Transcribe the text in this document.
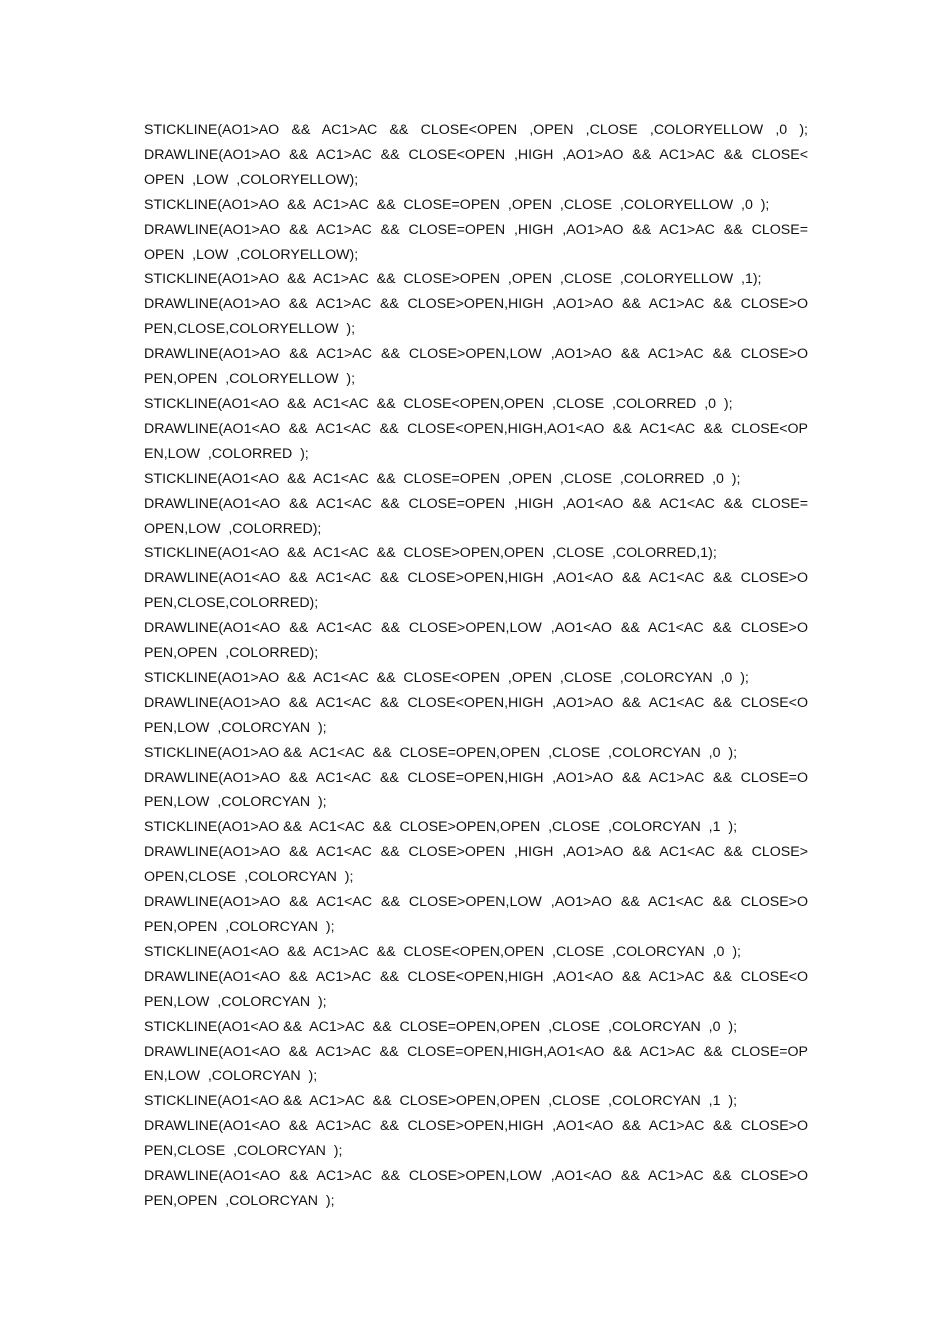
STICKLINE(AO1>AO  &&  AC1>AC  &&  CLOSE<OPEN  ,OPEN  ,CLOSE  ,COLORYELLOW  ,0  );
DRAWLINE(AO1>AO  &&  AC1>AC  &&  CLOSE<OPEN  ,HIGH  ,AO1>AO  &&  AC1>AC  &&  CLOSE<
OPEN  ,LOW  ,COLORYELLOW);
STICKLINE(AO1>AO  &&  AC1>AC  &&  CLOSE=OPEN  ,OPEN  ,CLOSE  ,COLORYELLOW  ,0  );
DRAWLINE(AO1>AO  &&  AC1>AC  &&  CLOSE=OPEN  ,HIGH  ,AO1>AO  &&  AC1>AC  &&  CLOSE=
OPEN  ,LOW  ,COLORYELLOW);
STICKLINE(AO1>AO  &&  AC1>AC  &&  CLOSE>OPEN  ,OPEN  ,CLOSE  ,COLORYELLOW  ,1);
DRAWLINE(AO1>AO  &&  AC1>AC  &&  CLOSE>OPEN,HIGH  ,AO1>AO  &&  AC1>AC  &&  CLOSE>O
PEN,CLOSE,COLORYELLOW  );
DRAWLINE(AO1>AO  &&  AC1>AC  &&  CLOSE>OPEN,LOW  ,AO1>AO  &&  AC1>AC  &&  CLOSE>O
PEN,OPEN  ,COLORYELLOW  );
STICKLINE(AO1<AO  &&  AC1<AC  &&  CLOSE<OPEN,OPEN  ,CLOSE  ,COLORRED  ,0  );
DRAWLINE(AO1<AO  &&  AC1<AC  &&  CLOSE<OPEN,HIGH,AO1<AO  &&  AC1<AC  &&  CLOSE<OP
EN,LOW  ,COLORRED  );
STICKLINE(AO1<AO  &&  AC1<AC  &&  CLOSE=OPEN  ,OPEN  ,CLOSE  ,COLORRED  ,0  );
DRAWLINE(AO1<AO  &&  AC1<AC  &&  CLOSE=OPEN  ,HIGH  ,AO1<AO  &&  AC1<AC  &&  CLOSE=
OPEN,LOW  ,COLORRED);
STICKLINE(AO1<AO  &&  AC1<AC  &&  CLOSE>OPEN,OPEN  ,CLOSE  ,COLORRED,1);
DRAWLINE(AO1<AO  &&  AC1<AC  &&  CLOSE>OPEN,HIGH  ,AO1<AO  &&  AC1<AC  &&  CLOSE>O
PEN,CLOSE,COLORRED);
DRAWLINE(AO1<AO  &&  AC1<AC  &&  CLOSE>OPEN,LOW  ,AO1<AO  &&  AC1<AC  &&  CLOSE>O
PEN,OPEN  ,COLORRED);
STICKLINE(AO1>AO  &&  AC1<AC  &&  CLOSE<OPEN  ,OPEN  ,CLOSE  ,COLORCYAN  ,0  );
DRAWLINE(AO1>AO  &&  AC1<AC  &&  CLOSE<OPEN,HIGH  ,AO1>AO  &&  AC1<AC  &&  CLOSE<O
PEN,LOW  ,COLORCYAN  );
STICKLINE(AO1>AO &&  AC1<AC  &&  CLOSE=OPEN,OPEN  ,CLOSE  ,COLORCYAN  ,0  );
DRAWLINE(AO1>AO  &&  AC1<AC  &&  CLOSE=OPEN,HIGH  ,AO1>AO  &&  AC1>AC  &&  CLOSE=O
PEN,LOW  ,COLORCYAN  );
STICKLINE(AO1>AO &&  AC1<AC  &&  CLOSE>OPEN,OPEN  ,CLOSE  ,COLORCYAN  ,1  );
DRAWLINE(AO1>AO  &&  AC1<AC  &&  CLOSE>OPEN  ,HIGH  ,AO1>AO  &&  AC1<AC  &&  CLOSE>
OPEN,CLOSE  ,COLORCYAN  );
DRAWLINE(AO1>AO  &&  AC1<AC  &&  CLOSE>OPEN,LOW  ,AO1>AO  &&  AC1<AC  &&  CLOSE>O
PEN,OPEN  ,COLORCYAN  );
STICKLINE(AO1<AO  &&  AC1>AC  &&  CLOSE<OPEN,OPEN  ,CLOSE  ,COLORCYAN  ,0  );
DRAWLINE(AO1<AO  &&  AC1>AC  &&  CLOSE<OPEN,HIGH  ,AO1<AO  &&  AC1>AC  &&  CLOSE<O
PEN,LOW  ,COLORCYAN  );
STICKLINE(AO1<AO &&  AC1>AC  &&  CLOSE=OPEN,OPEN  ,CLOSE  ,COLORCYAN  ,0  );
DRAWLINE(AO1<AO  &&  AC1>AC  &&  CLOSE=OPEN,HIGH,AO1<AO  &&  AC1>AC  &&  CLOSE=OP
EN,LOW  ,COLORCYAN  );
STICKLINE(AO1<AO &&  AC1>AC  &&  CLOSE>OPEN,OPEN  ,CLOSE  ,COLORCYAN  ,1  );
DRAWLINE(AO1<AO  &&  AC1>AC  &&  CLOSE>OPEN,HIGH  ,AO1<AO  &&  AC1>AC  &&  CLOSE>O
PEN,CLOSE  ,COLORCYAN  );
DRAWLINE(AO1<AO  &&  AC1>AC  &&  CLOSE>OPEN,LOW  ,AO1<AO  &&  AC1>AC  &&  CLOSE>O
PEN,OPEN  ,COLORCYAN  );
